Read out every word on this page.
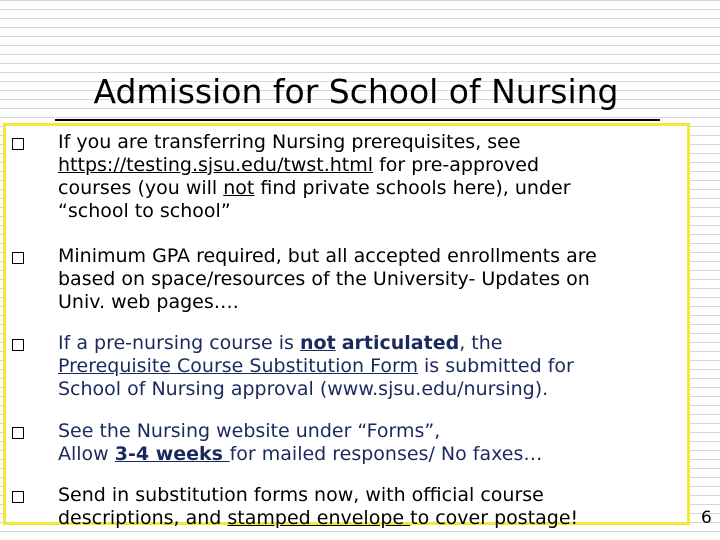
Admission for School of Nursing
If you are transferring Nursing prerequisites, see
https://testing.sjsu.edu/twst.html for pre-approved
courses (you will not find private schools here), under
“school to school”
Minimum GPA required, but all accepted enrollments are
based on space/resources of the University- Updates on
Univ. web pages….
If a pre-nursing course is not articulated, the
Prerequisite Course Substitution Form is submitted for
School of Nursing approval (www.sjsu.edu/nursing).
See the Nursing website under “Forms”,
Allow 3-4 weeks for mailed responses/ No faxes…
Send in substitution forms now, with official course
descriptions, and stamped envelope to cover postage!	6
